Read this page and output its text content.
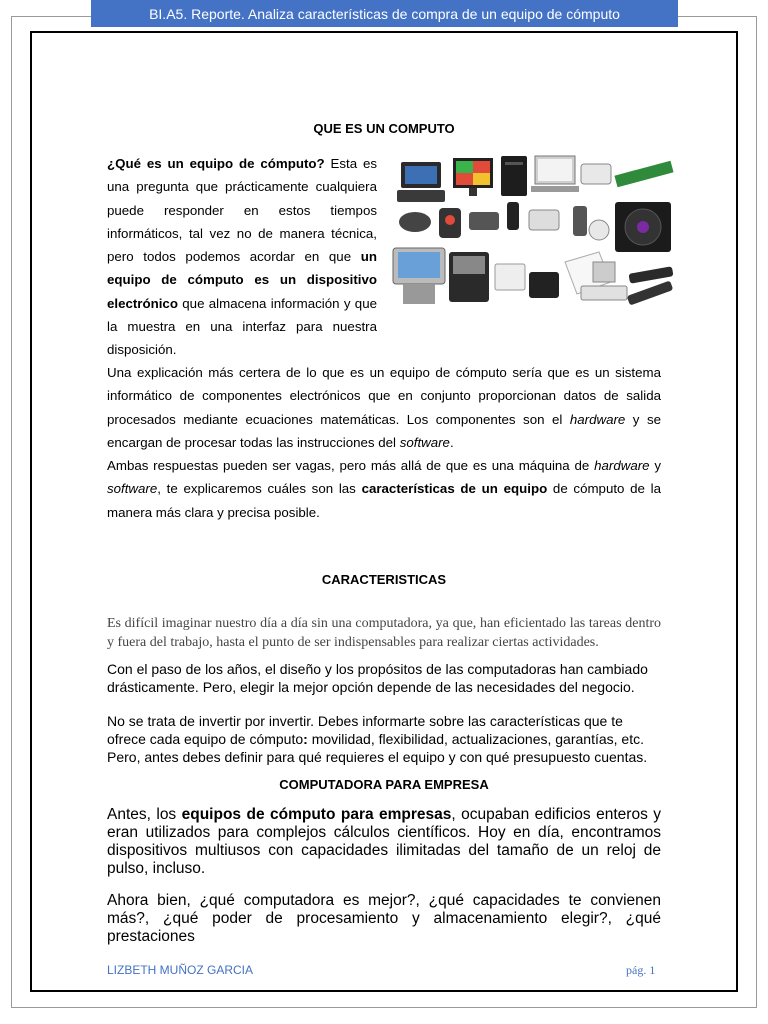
BI.A5. Reporte. Analiza características de compra de un equipo de cómputo
QUE ES UN COMPUTO
¿Qué es un equipo de cómputo? Esta es una pregunta que prácticamente cualquiera puede responder en estos tiempos informáticos, tal vez no de manera técnica, pero todos podemos acordar en que un equipo de cómputo es un dispositivo electrónico que almacena información y que la muestra en una interfaz para nuestra disposición.
Una explicación más certera de lo que es un equipo de cómputo sería que es un sistema informático de componentes electrónicos que en conjunto proporcionan datos de salida procesados mediante ecuaciones matemáticas. Los componentes son el hardware y se encargan de procesar todas las instrucciones del software.
Ambas respuestas pueden ser vagas, pero más allá de que es una máquina de hardware y software, te explicaremos cuáles son las características de un equipo de cómputo de la manera más clara y precisa posible.
CARACTERISTICAS
Es difícil imaginar nuestro día a día sin una computadora, ya que, han eficientado las tareas dentro y fuera del trabajo, hasta el punto de ser indispensables para realizar ciertas actividades.
Con el paso de los años, el diseño y los propósitos de las computadoras han cambiado drásticamente. Pero, elegir la mejor opción depende de las necesidades del negocio.
No se trata de invertir por invertir. Debes informarte sobre las características que te ofrece cada equipo de cómputo: movilidad, flexibilidad, actualizaciones, garantías, etc. Pero, antes debes definir para qué requieres el equipo y con qué presupuesto cuentas.
COMPUTADORA PARA EMPRESA
Antes, los equipos de cómputo para empresas, ocupaban edificios enteros y eran utilizados para complejos cálculos científicos. Hoy en día, encontramos dispositivos multiusos con capacidades ilimitadas del tamaño de un reloj de pulso, incluso.
Ahora bien, ¿qué computadora es mejor?, ¿qué capacidades te convienen más?, ¿qué poder de procesamiento y almacenamiento elegir?, ¿qué prestaciones
LIZBETH MUÑOZ GARCIA	pág. 1
